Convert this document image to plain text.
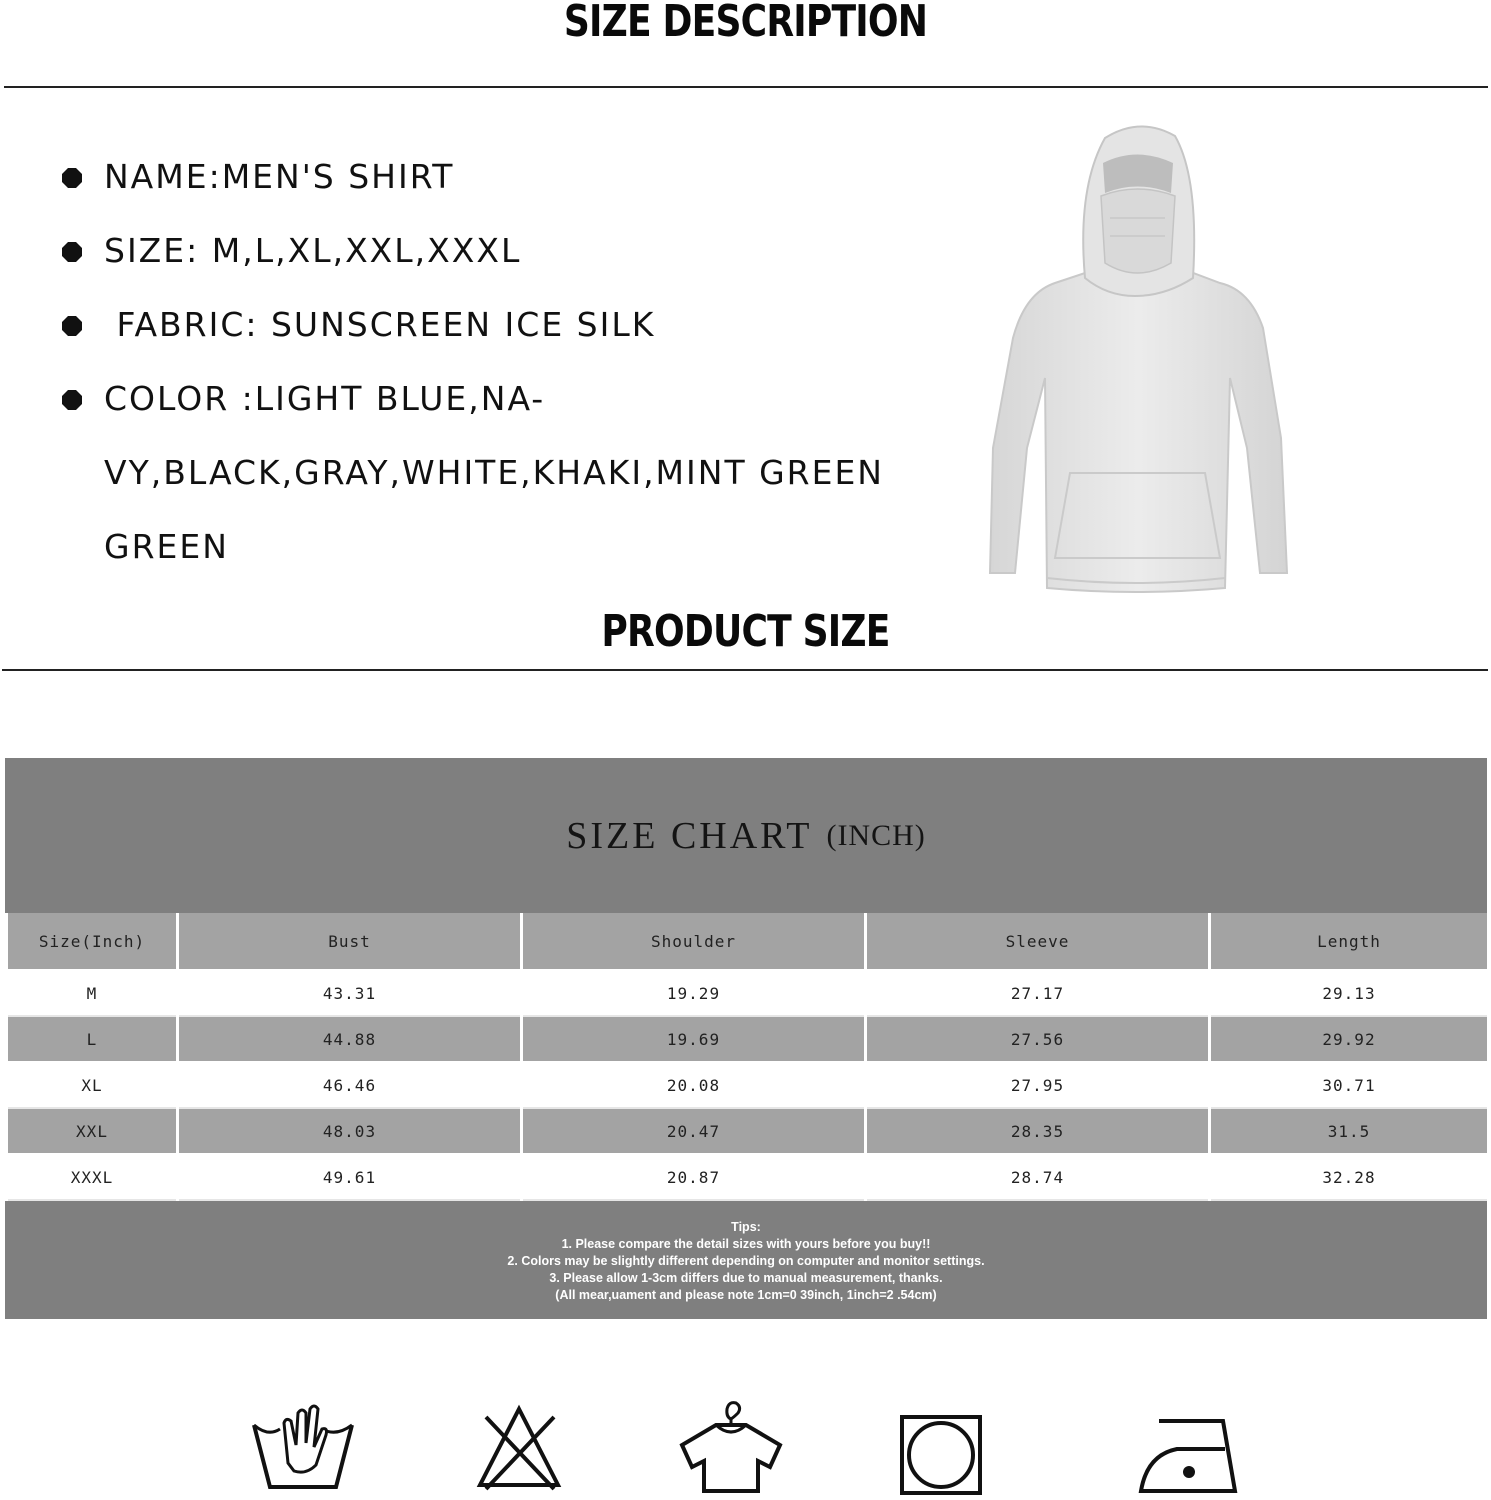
SIZE DESCRIPTION
NAME:MEN'S SHIRT
SIZE: M,L,XL,XXL,XXXL
FABRIC: SUNSCREEN ICE SILK
COLOR :LIGHT BLUE,NA-
VY,BLACK,GRAY,WHITE,KHAKI,MINT GREEN
GREEN
PRODUCT SIZE
SIZE CHART (INCH)
Size(Inch)	Bust	Shoulder	Sleeve	Length
M	43.31	19.29	27.17	29.13
L	44.88	19.69	27.56	29.92
XL	46.46	20.08	27.95	30.71
XXL	48.03	20.47	28.35	31.5
XXXL	49.61	20.87	28.74	32.28
Tips:
1. Please compare the detail sizes with yours before you buy!!
2. Colors may be slightly different depending on computer and monitor settings.
3. Please allow 1-3cm differs due to manual measurement, thanks.
(All mear,uament and please note 1cm=0 39inch, 1inch=2 .54cm)
